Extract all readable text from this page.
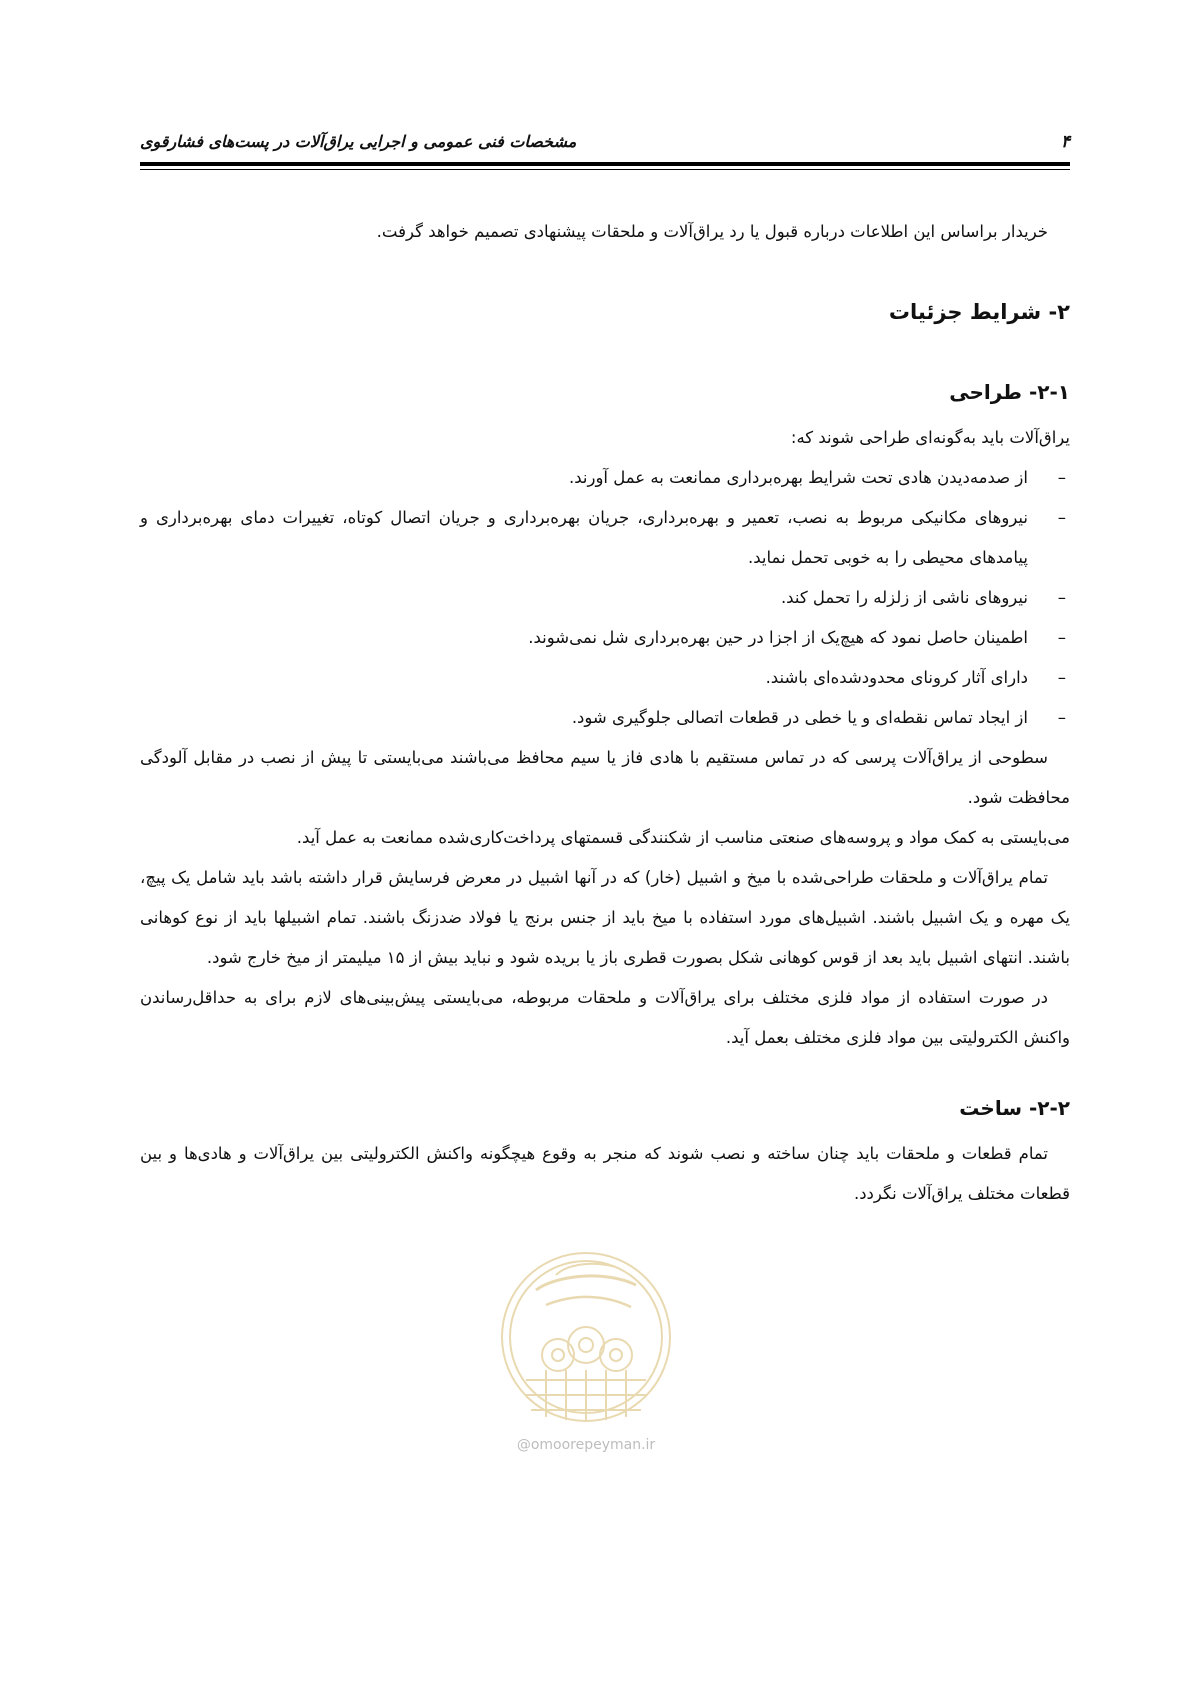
۴
مشخصات فنی عمومی و اجرایی یراق‌آلات در پست‌های فشارقوی

خریدار براساس این اطلاعات درباره قبول یا رد یراق‌آلات و ملحقات پیشنهادی تصمیم خواهد گرفت.

۲- شرایط جزئیات
۲-۱- طراحی

یراق‌آلات باید به‌گونه‌ای طراحی شوند که:

–
از صدمه‌دیدن هادی تحت شرایط بهره‌برداری ممانعت به عمل آورند.
–
نیروهای مکانیکی مربوط به نصب، تعمیر و بهره‌برداری، جریان بهره‌برداری و جریان اتصال کوتاه، تغییرات دمای بهره‌برداری و پیامدهای محیطی را به خوبی تحمل نماید.
–
نیروهای ناشی از زلزله را تحمل کند.
–
اطمینان حاصل نمود که هیچ‌یک از اجزا در حین بهره‌برداری شل نمی‌شوند.
–
دارای آثار کرونای محدودشده‌ای باشند.
–
از ایجاد تماس نقطه‌ای و یا خطی در قطعات اتصالی جلوگیری شود.

سطوحی از یراق‌آلات پرسی که در تماس مستقیم با هادی فاز یا سیم محافظ می‌باشند می‌بایستی تا پیش از نصب در مقابل آلودگی محافظت شود.

می‌بایستی به کمک مواد و پروسه‌های صنعتی مناسب از شکنندگی قسمتهای پرداخت‌کاری‌شده ممانعت به عمل آید.

تمام یراق‌آلات و ملحقات طراحی‌شده با میخ و اشبیل (خار) که در آنها اشبیل در معرض فرسایش قرار داشته باشد باید شامل یک پیچ، یک مهره و یک اشبیل باشند. اشبیل‌های مورد استفاده با میخ باید از جنس برنج یا فولاد ضدزنگ باشند. تمام اشبیلها باید از نوع کوهانی باشند. انتهای اشبیل باید بعد از قوس کوهانی شکل بصورت قطری باز یا بریده شود و نباید بیش از ۱۵ میلیمتر از میخ خارج شود.

در صورت استفاده از مواد فلزی مختلف برای یراق‌آلات و ملحقات مربوطه، می‌بایستی پیش‌بینی‌های لازم برای به حداقل‌رساندن واکنش الکترولیتی بین مواد فلزی مختلف بعمل آید.

۲-۲- ساخت

تمام قطعات و ملحقات باید چنان ساخته و نصب شوند که منجر به وقوع هیچگونه واکنش الکترولیتی بین یراق‌آلات و هادی‌ها و بین قطعات مختلف یراق‌آلات نگردد.

@omoorepeyman.ir
